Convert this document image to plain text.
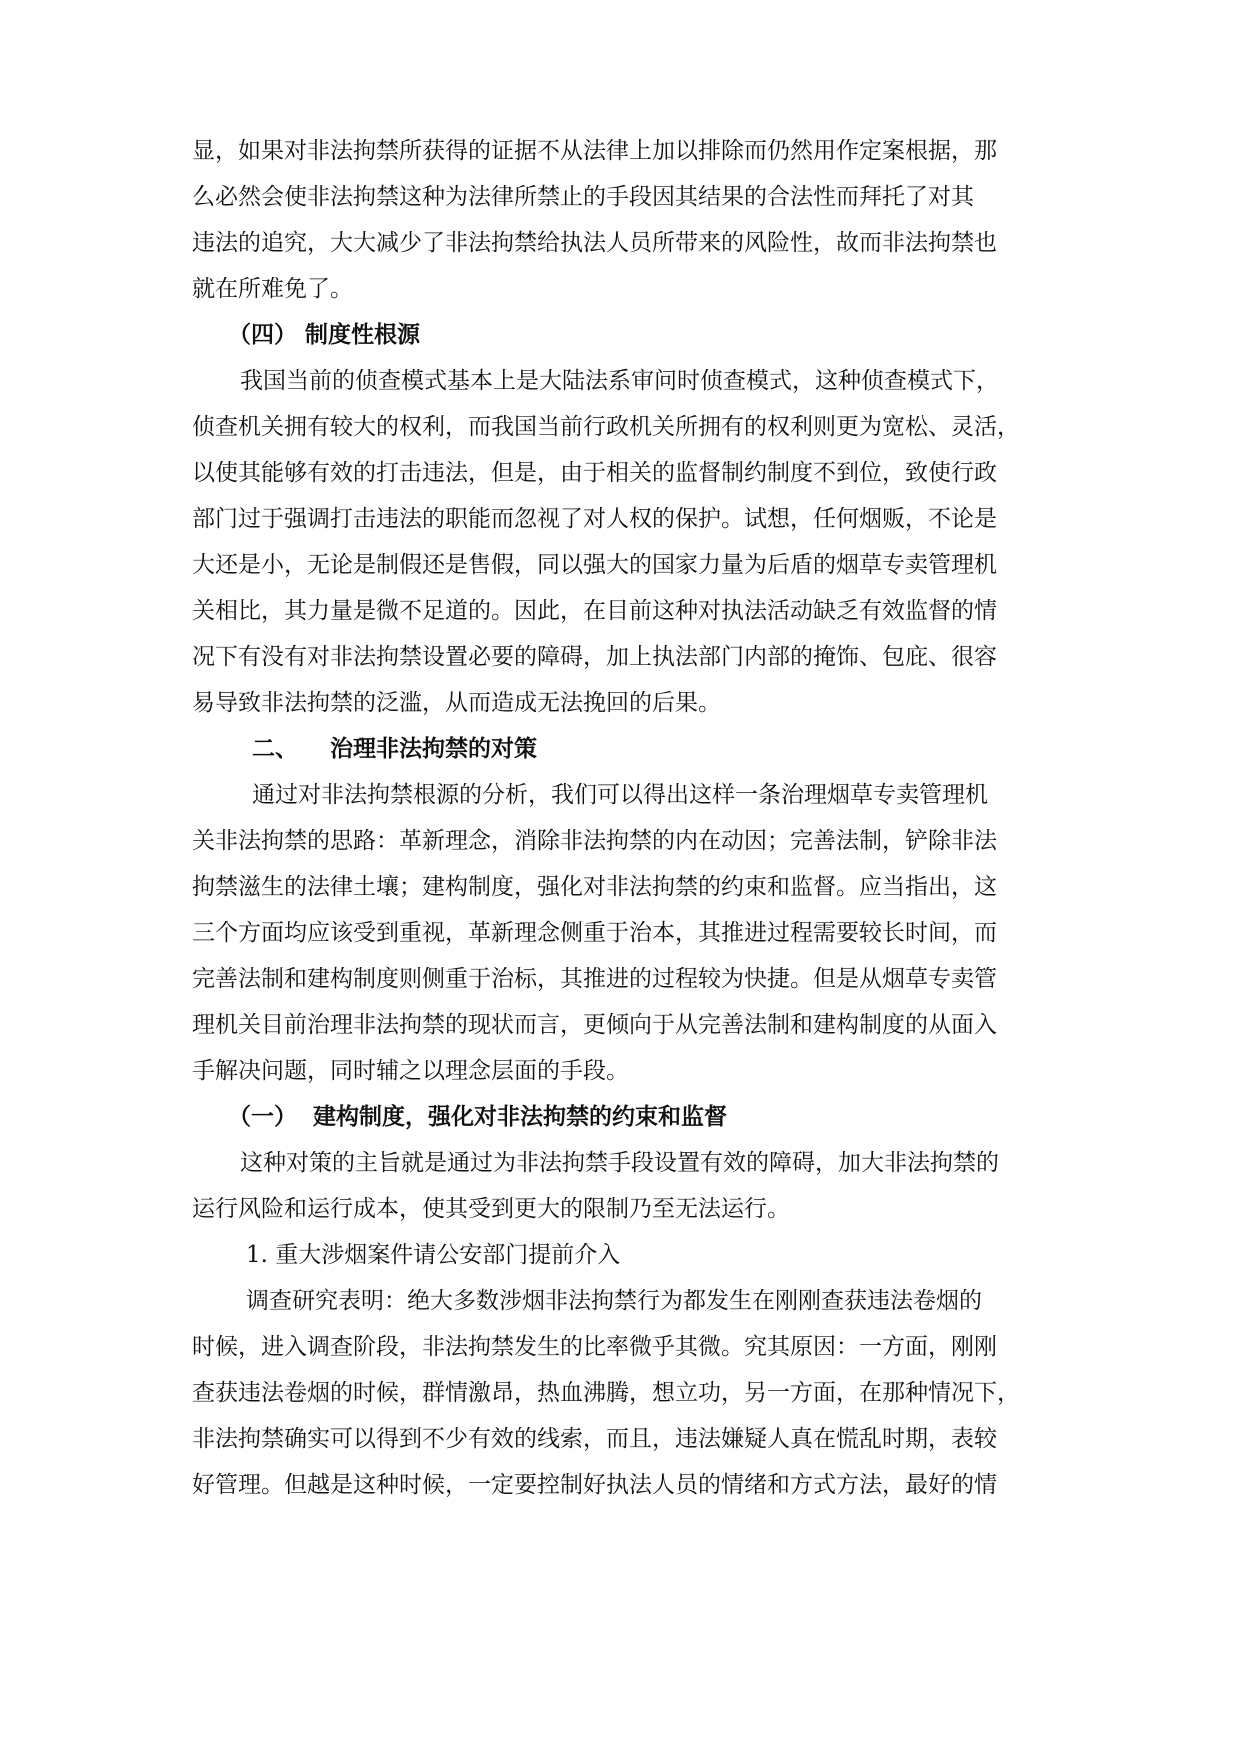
显，如果对非法拘禁所获得的证据不从法律上加以排除而仍然用作定案根据，那
么必然会使非法拘禁这种为法律所禁止的手段因其结果的合法性而拜托了对其
违法的追究，大大减少了非法拘禁给执法人员所带来的风险性，故而非法拘禁也
就在所难免了。
（四） 制度性根源
我国当前的侦查模式基本上是大陆法系审问时侦查模式，这种侦查模式下，
侦查机关拥有较大的权利，而我国当前行政机关所拥有的权利则更为宽松、灵活，
以使其能够有效的打击违法，但是，由于相关的监督制约制度不到位，致使行政
部门过于强调打击违法的职能而忽视了对人权的保护。试想，任何烟贩，不论是
大还是小，无论是制假还是售假，同以强大的国家力量为后盾的烟草专卖管理机
关相比，其力量是微不足道的。因此，在目前这种对执法活动缺乏有效监督的情
况下有没有对非法拘禁设置必要的障碍，加上执法部门内部的掩饰、包庇、很容
易导致非法拘禁的泛滥，从而造成无法挽回的后果。
二、    治理非法拘禁的对策
通过对非法拘禁根源的分析，我们可以得出这样一条治理烟草专卖管理机
关非法拘禁的思路：革新理念，消除非法拘禁的内在动因；完善法制，铲除非法
拘禁滋生的法律土壤；建构制度，强化对非法拘禁的约束和监督。应当指出，这
三个方面均应该受到重视，革新理念侧重于治本，其推进过程需要较长时间，而
完善法制和建构制度则侧重于治标，其推进的过程较为快捷。但是从烟草专卖管
理机关目前治理非法拘禁的现状而言，更倾向于从完善法制和建构制度的从面入
手解决问题，同时辅之以理念层面的手段。
（一）  建构制度，强化对非法拘禁的约束和监督
这种对策的主旨就是通过为非法拘禁手段设置有效的障碍，加大非法拘禁的
运行风险和运行成本，使其受到更大的限制乃至无法运行。
1. 重大涉烟案件请公安部门提前介入
调查研究表明：绝大多数涉烟非法拘禁行为都发生在刚刚查获违法卷烟的
时候，进入调查阶段，非法拘禁发生的比率微乎其微。究其原因：一方面，刚刚
查获违法卷烟的时候，群情激昂，热血沸腾，想立功，另一方面，在那种情况下，
非法拘禁确实可以得到不少有效的线索，而且，违法嫌疑人真在慌乱时期，表较
好管理。但越是这种时候，一定要控制好执法人员的情绪和方式方法，最好的情
